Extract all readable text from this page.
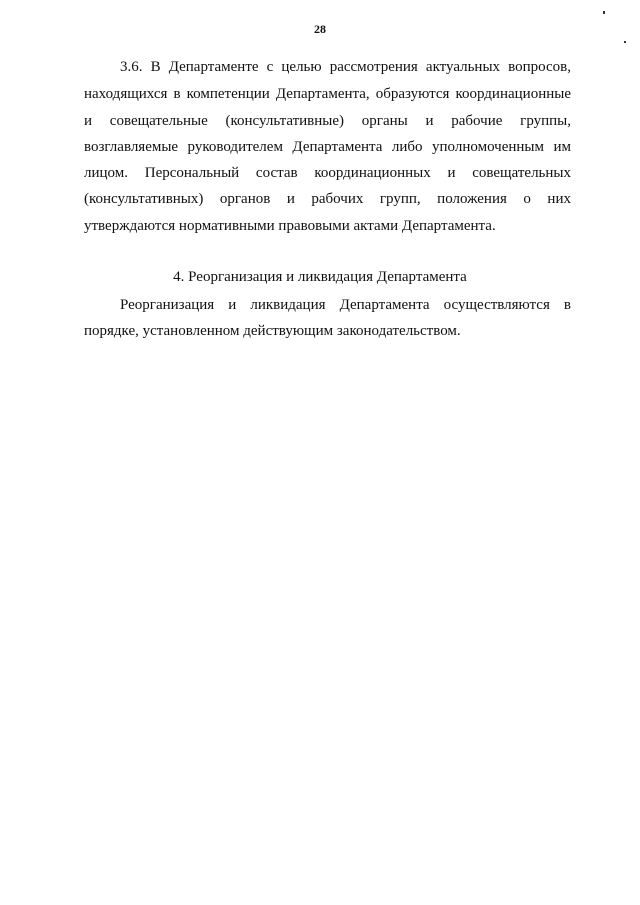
28
3.6. В Департаменте с целью рассмотрения актуальных вопросов,
находящихся в компетенции Департамента, образуются координационные
и совещательные (консультативные) органы и рабочие группы,
возглавляемые руководителем Департамента либо уполномоченным им
лицом. Персональный состав координационных и совещательных
(консультативных) органов и рабочих групп, положения о них
утверждаются нормативными правовыми актами Департамента.
4. Реорганизация и ликвидация Департамента
Реорганизация и ликвидация Департамента осуществляются в
порядке, установленном действующим законодательством.
